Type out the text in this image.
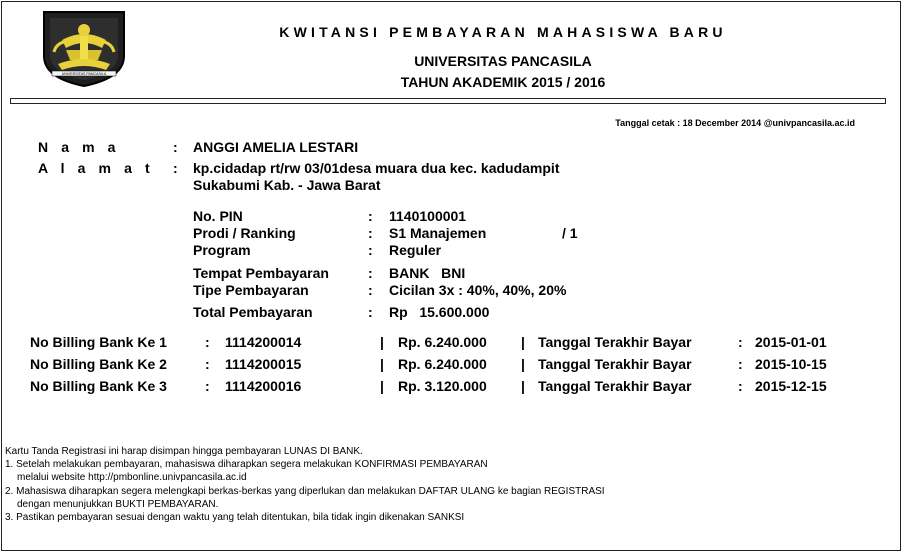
UNIVERSITAS PANCASILA
KWITANSI PEMBAYARAN MAHASISWA BARU
UNIVERSITAS PANCASILA
TAHUN AKADEMIK 2015 / 2016
Tanggal cetak : 18 December 2014 @univpancasila.ac.id
N a m a	: ANGGI AMELIA LESTARI
A l a m a t : kp.cidadap rt/rw 03/01desa muara dua kec. kadudampit
Sukabumi Kab. - Jawa Barat
No. PIN	: 1140100001
Prodi / Ranking	: S1 Manajemen	/ 1
Program	: Reguler
Tempat Pembayaran	: BANK   BNI
Tipe Pembayaran	: Cicilan 3x : 40%, 40%, 20%
Total Pembayaran	: Rp   15.600.000
No Billing Bank Ke 1	: 1114200014	| Rp. 6.240.000 | Tanggal Terakhir Bayar	: 2015-01-01
No Billing Bank Ke 2	: 1114200015	| Rp. 6.240.000 | Tanggal Terakhir Bayar	: 2015-10-15
No Billing Bank Ke 3	: 1114200016	| Rp. 3.120.000 | Tanggal Terakhir Bayar	: 2015-12-15
Kartu Tanda Registrasi ini harap disimpan hingga pembayaran LUNAS DI BANK.
1. Setelah melakukan pembayaran, mahasiswa diharapkan segera melakukan KONFIRMASI PEMBAYARAN
melalui website http://pmbonline.univpancasila.ac.id
2. Mahasiswa diharapkan segera melengkapi berkas-berkas yang diperlukan dan melakukan DAFTAR ULANG ke bagian REGISTRASI
dengan menunjukkan BUKTI PEMBAYARAN.
3. Pastikan pembayaran sesuai dengan waktu yang telah ditentukan, bila tidak ingin dikenakan SANKSI
